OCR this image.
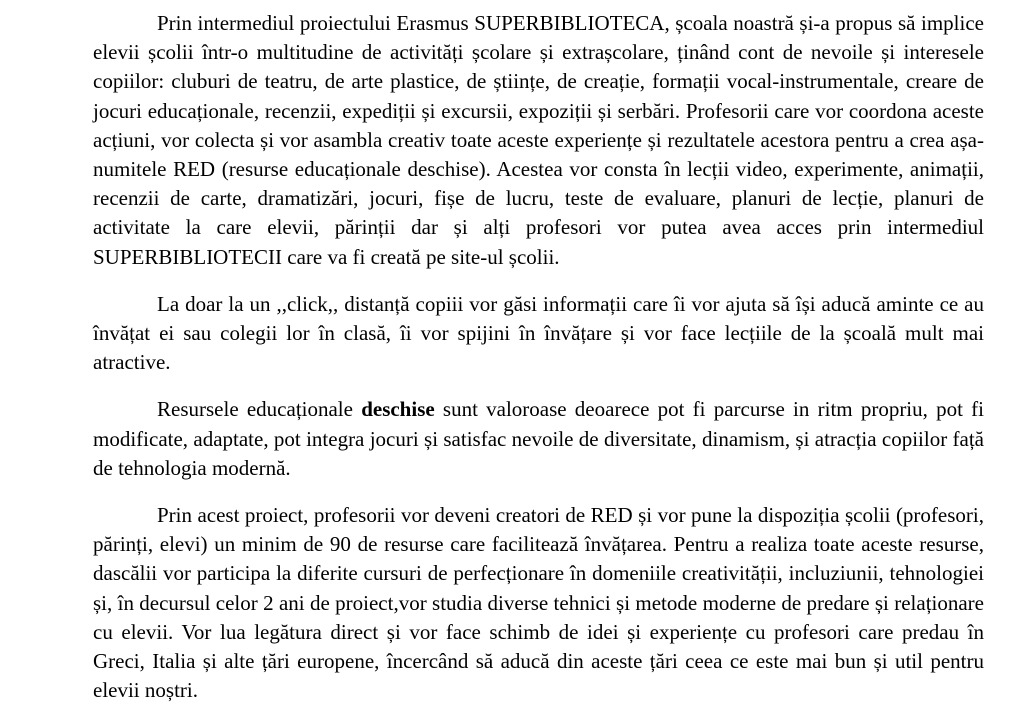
Prin intermediul proiectului Erasmus SUPERBIBLIOTECA, școala noastră și-a propus să implice
elevii școlii într-o multitudine de activități școlare și extrașcolare, ținând cont de nevoile și interesele
copiilor: cluburi de teatru, de arte plastice, de științe, de creație, formații vocal-instrumentale, creare de
jocuri educaționale, recenzii, expediții și excursii, expoziții și serbări. Profesorii care vor coordona aceste
acțiuni, vor colecta și vor asambla creativ toate aceste experiențe și rezultatele acestora pentru a crea așa-
numitele RED (resurse educaționale deschise). Acestea vor consta în lecții video, experimente, animații,
recenzii de carte, dramatizări, jocuri, fișe de lucru, teste de evaluare, planuri de lecție, planuri de
activitate la care elevii, părinții dar și alți profesori vor putea avea acces prin intermediul
SUPERBIBLIOTECII care va fi creată pe site-ul școlii.
La doar la un ,,click,, distanță copiii vor găsi informații care îi vor ajuta să își aducă aminte ce au
învățat ei sau colegii lor în clasă, îi vor spijini în învățare și vor face lecțiile de la școală mult mai
atractive.
Resursele educaționale deschise sunt valoroase deoarece pot fi parcurse in ritm propriu, pot fi
modificate, adaptate, pot integra jocuri și satisfac nevoile de diversitate, dinamism, și atracția copiilor față
de tehnologia modernă.
Prin acest proiect, profesorii vor deveni creatori de RED și vor pune la dispoziția școlii (profesori,
părinți, elevi) un minim de 90 de resurse care facilitează învățarea. Pentru a realiza toate aceste resurse,
dascălii vor participa la diferite cursuri de perfecționare în domeniile creativității, incluziunii, tehnologiei
și, în decursul celor 2 ani de proiect,vor studia diverse tehnici și metode moderne de predare și relaționare
cu elevii. Vor lua legătura direct și vor face schimb de idei și experiențe cu profesori care predau în
Greci, Italia și alte țări europene, încercând să aducă din aceste țări ceea ce este mai bun și util pentru
elevii noștri.
